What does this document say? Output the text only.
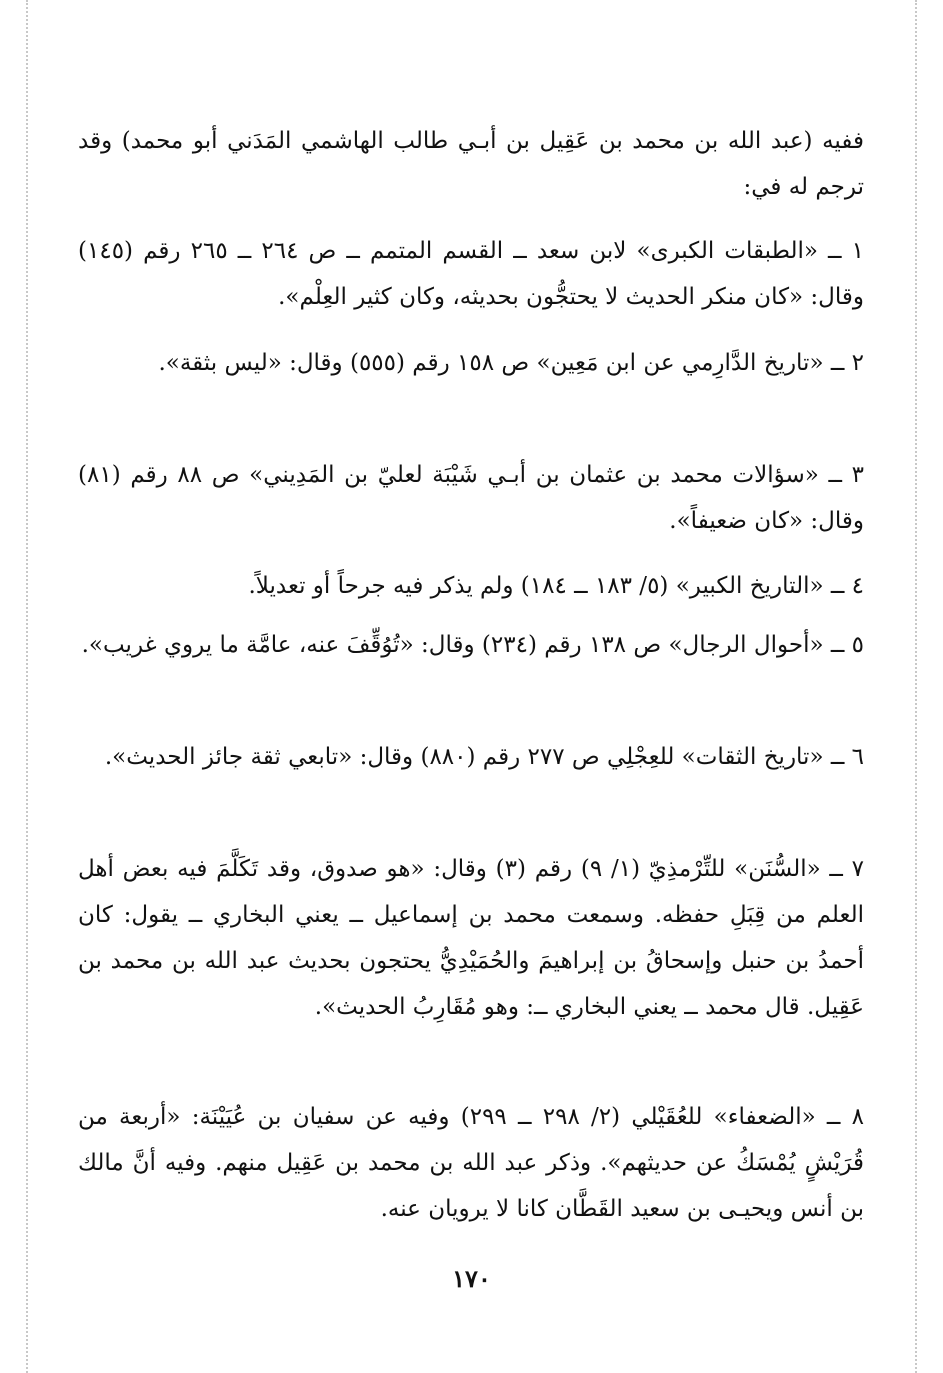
ففيه (عبد الله بن محمد بن عَقِيل بن أبـي طالب الهاشمي المَدَني أبو محمد) وقد ترجم له في:

١ ــ «الطبقات الكبرى» لابن سعد ــ القسم المتمم ــ ص ٢٦٤ ــ ٢٦٥ رقم (١٤٥) وقال: «كان منكر الحديث لا يحتجُّون بحديثه، وكان كثير العِلْم».

٢ ــ «تاريخ الدَّارِمي عن ابن مَعِين» ص ١٥٨ رقم (٥٥٥) وقال: «ليس بثقة».

٣ ــ «سؤالات محمد بن عثمان بن أبـي شَيْبَة لعليّ بن المَدِيني» ص ٨٨ رقم (٨١) وقال: «كان ضعيفاً».

٤ ــ «التاريخ الكبير» (٥/ ١٨٣ ــ ١٨٤) ولم يذكر فيه جرحاً أو تعديلاً.

٥ ــ «أحوال الرجال» ص ١٣٨ رقم (٢٣٤) وقال: «تُوُقِّفَ عنه، عامَّة ما يروي غريب».

٦ ــ «تاريخ الثقات» للعِجْلِي ص ٢٧٧ رقم (٨٨٠) وقال: «تابعي ثقة جائز الحديث».

٧ ــ «السُّنَن» للتِّرْمذِيّ (١/ ٩) رقم (٣) وقال: «هو صدوق، وقد تَكَلَّمَ فيه بعض أهل العلم من قِبَلِ حفظه. وسمعت محمد بن إسماعيل ــ يعني البخاري ــ يقول: كان أحمدُ بن حنبل وإسحاقُ بن إبراهيمَ والحُمَيْدِيُّ يحتجون بحديث عبد الله بن محمد بن عَقِيل. قال محمد ــ يعني البخاري ــ: وهو مُقَارِبُ الحديث».

٨ ــ «الضعفاء» للعُقَيْلي (٢/ ٢٩٨ ــ ٢٩٩) وفيه عن سفيان بن عُيَيْنَة: «أربعة من قُرَيْشٍ يُمْسَكُ عن حديثهم». وذكر عبد الله بن محمد بن عَقِيل منهم. وفيه أنَّ مالك بن أنس ويحيـى بن سعيد القَطَّان كانا لا يرويان عنه.

١٧٠
